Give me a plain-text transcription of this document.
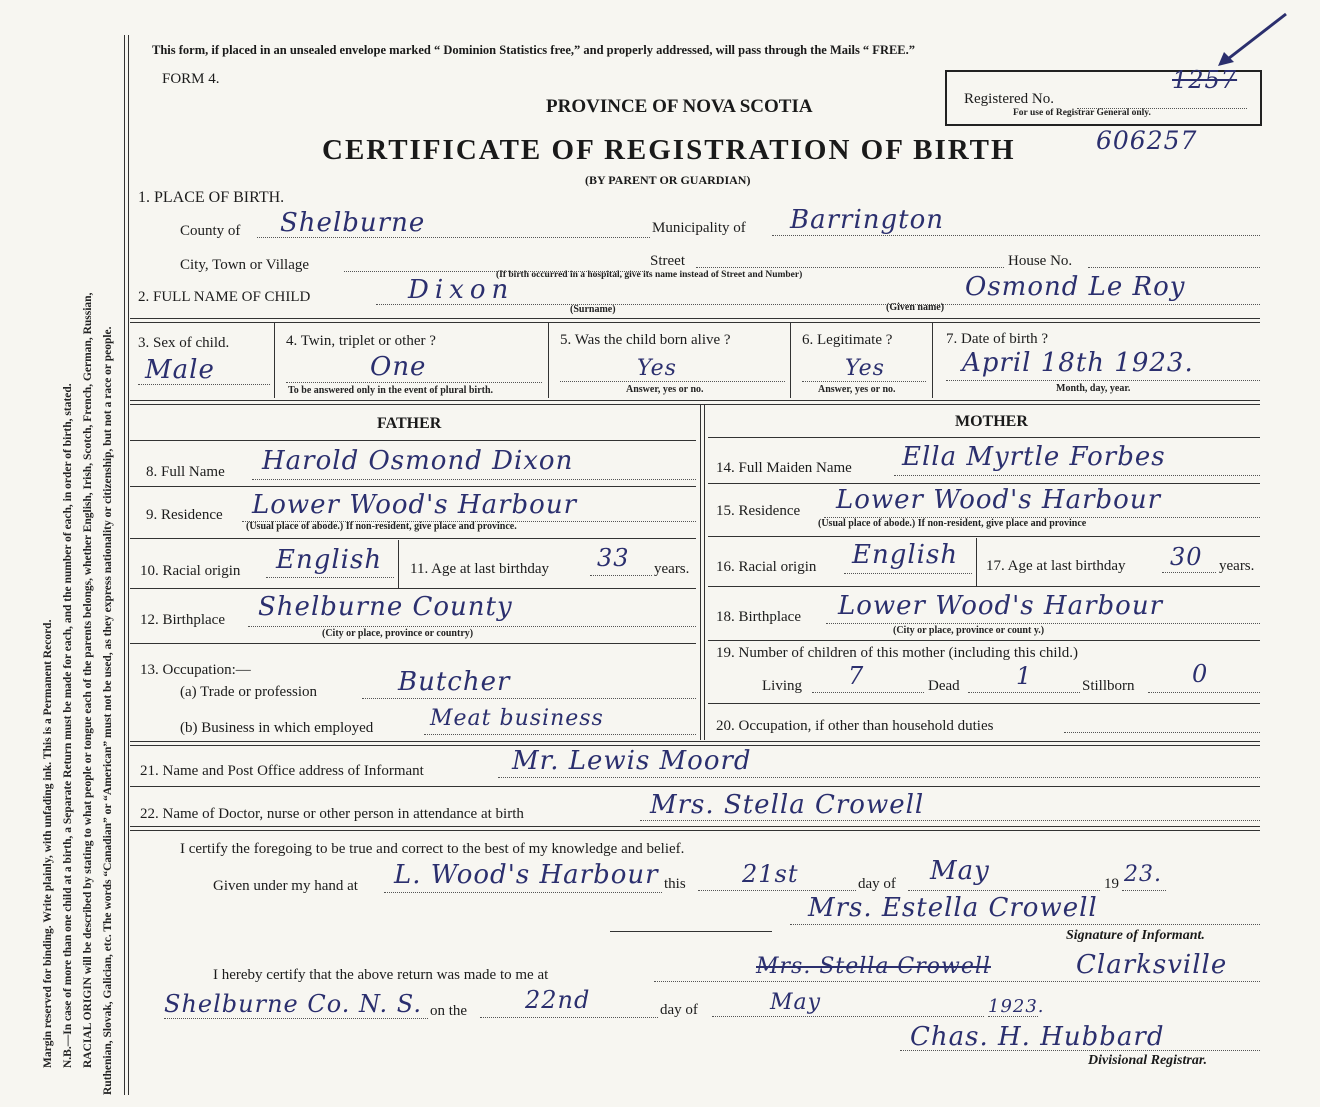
Margin reserved for binding. Write plainly, with unfading ink. This is a Permanent Record. N.B.—In case of more than one child at a birth, a Separate Return must be made for each, and the number of each, in order of birth, stated. RACIAL ORIGIN will be described by stating to what people or tongue each of the parents belongs, whether English, Irish, Scotch, French, German, Russian, Ruthenian, Slovak, Galician, etc. The words “Canadian” or “American” must not be used, as they express nationality or citizenship, but not a race or people.
This form, if placed in an unsealed envelope marked “ Dominion Statistics free,” and properly addressed, will pass through the Mails “ FREE.”
FORM 4.
PROVINCE OF NOVA SCOTIA	Registered No.
For use of Registrar General only.
1257
CERTIFICATE OF REGISTRATION OF BIRTH	606257
(BY PARENT OR GUARDIAN)
1. PLACE OF BIRTH.
County of Shelburne	Municipality of Barrington
City, Town or Village	Street	House No.
(If birth occurred in a hospital, give its name instead of Street and Number)
2. FULL NAME OF CHILD	Dixon
(Surname)
Osmond Le Roy
(Given name)
3. Sex of child.
Male
4. Twin, triplet or other ?
One
To be answered only in the event of plural birth.
5. Was the child born alive ?
Yes
Answer, yes or no.
6. Legitimate ?
Yes
Answer, yes or no.
7. Date of birth ?
April 18th 1923.
Month, day, year.
FATHER	MOTHER
8. Full Name Harold Osmond Dixon
9. Residence Lower Wood's Harbour
(Usual place of abode.) If non-resident, give place and province.
10. Racial origin English 11. Age at last birthday 33 years.
12. Birthplace Shelburne County
(City or place, province or country)
13. Occupation:—
(a) Trade or profession	Butcher
(b) Business in which employed	Meat business
14. Full Maiden Name Ella Myrtle Forbes
15. Residence Lower Wood's Harbour
(Usual place of abode.) If non-resident, give place and province
16. Racial origin English 17. Age at last birthday 30 years.
18. Birthplace Lower Wood's Harbour
(City or place, province or count y.)
19. Number of children of this mother (including this child.)
Living 7	Dead 1	Stillborn 0
20. Occupation, if other than household duties
21. Name and Post Office address of Informant	Mr. Lewis Moord
22. Name of Doctor, nurse or other person in attendance at birth	Mrs. Stella Crowell
I certify the foregoing to be true and correct to the best of my knowledge and belief.
Given under my hand at L. Wood's Harbour this 21st	day of May	19 23.
Mrs. Estella Crowell
Signature of Informant.
I hereby certify that the above return was made to me at	Mrs. Stella Crowell	Clarksville
Shelburne Co. N. S. on the 22nd	day of	May	1923.
Chas. H. Hubbard
Divisional Registrar.
